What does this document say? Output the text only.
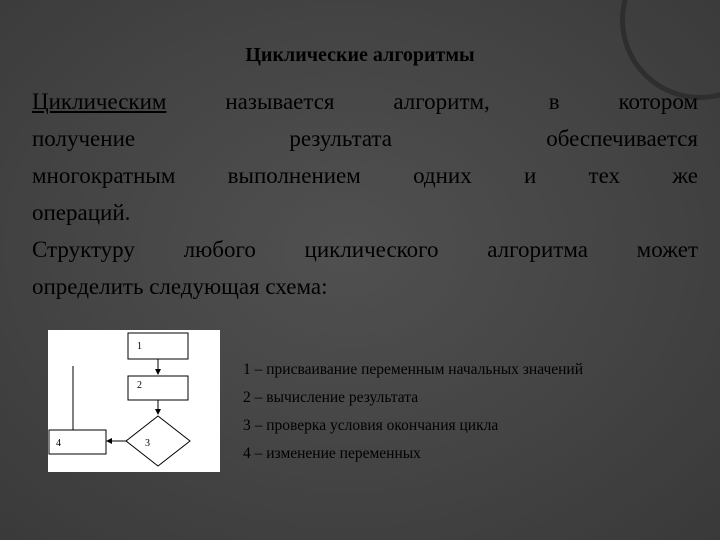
Циклические алгоритмы
Циклическим	называется	алгоритм,	в	котором
получение	результата	обеспечивается
многократным выполнением одних и тех же
операций.
Структуру любого циклического алгоритма может
определить следующая схема:
1
2
3
4
1 – присваивание переменным начальных значений
2 – вычисление результата
3 – проверка условия окончания цикла
4 – изменение переменных
